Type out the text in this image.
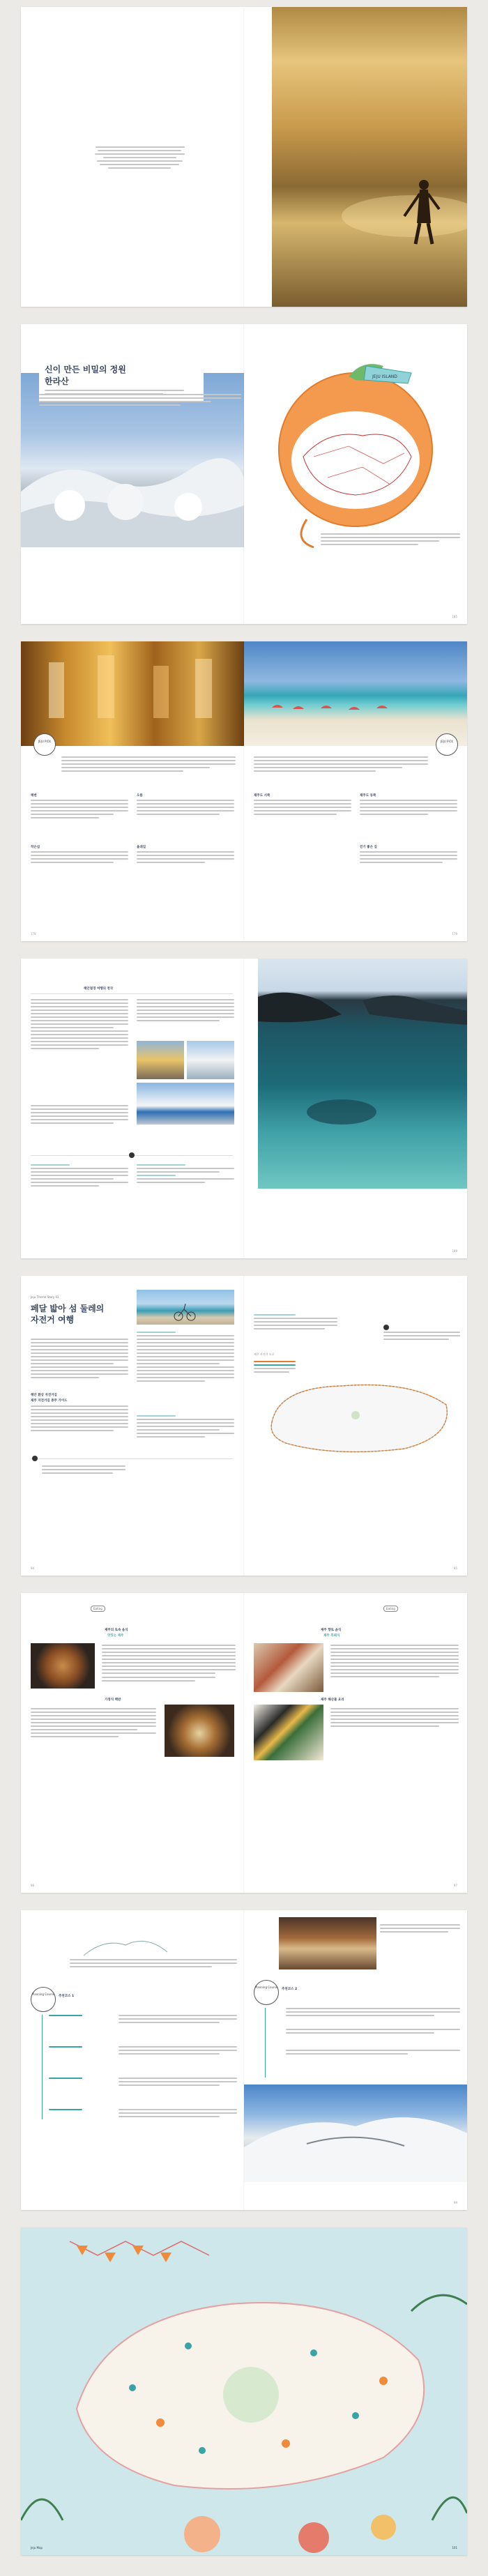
신이 만든 비밀의 정원
한라산	JEJU ISLAND
185
JEJU PICK
해변	오름
작은섬	올레길
178
JEJU PICK
제주도 서쪽	제주도 동쪽
걷기 좋은 길
179
해안절경 여행의 천국
189
Jeju Theme Story 01
페달 밟아 섬 둘레의
자전거 여행
해안 환상 자전거길
제주 자전거길 종주 가이드
94
제주 자전거 도로
95
Eating
제주의 토속 음식
맛있는 제주
가정식 백반
Eating
제주 향토 음식
제주 흑돼지
제주 해산물 요리
97
96
Planning Course
추천코스 1
Planning Course
추천코스 2
99
Jeju Map	101
